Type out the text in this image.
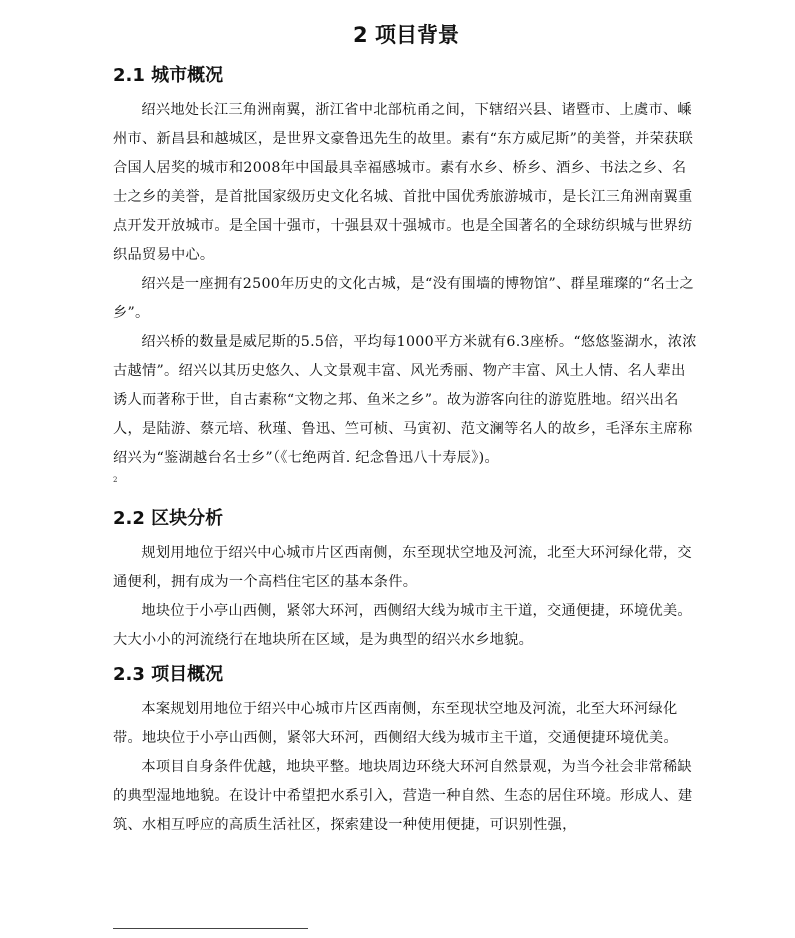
2 项目背景
2.1 城市概况

绍兴地处长江三角洲南翼，浙江省中北部杭甬之间，下辖绍兴县、诸暨市、上虞市、嵊州市、新昌县和越城区，是世界文豪鲁迅先生的故里。素有“东方威尼斯”的美誉，并荣获联合国人居奖的城市和2008年中国最具幸福感城市。素有水乡、桥乡、酒乡、书法之乡、名士之乡的美誉，是首批国家级历史文化名城、首批中国优秀旅游城市，是长江三角洲南翼重点开发开放城市。是全国十强市，十强县双十强城市。也是全国著名的全球纺织城与世界纺织品贸易中心。

绍兴是一座拥有2500年历史的文化古城，是“没有围墙的博物馆”、群星璀璨的“名士之乡”。

绍兴桥的数量是威尼斯的5.5倍，平均每1000平方米就有6.3座桥。“悠悠鉴湖水，浓浓古越情”。绍兴以其历史悠久、人文景观丰富、风光秀丽、物产丰富、风土人情、名人辈出诱人而著称于世，自古素称“文物之邦、鱼米之乡”。故为游客向往的游览胜地。绍兴出名人，是陆游、蔡元培、秋瑾、鲁迅、竺可桢、马寅初、范文澜等名人的故乡，毛泽东主席称绍兴为“鉴湖越台名士乡”（《七绝两首. 纪念鲁迅八十寿辰》)。

2
2.2 区块分析

规划用地位于绍兴中心城市片区西南侧，东至现状空地及河流，北至大环河绿化带，交通便利，拥有成为一个高档住宅区的基本条件。

地块位于小亭山西侧，紧邻大环河，西侧绍大线为城市主干道，交通便捷，环境优美。大大小小的河流绕行在地块所在区域，是为典型的绍兴水乡地貌。

2.3 项目概况

本案规划用地位于绍兴中心城市片区西南侧，东至现状空地及河流，北至大环河绿化带。地块位于小亭山西侧，紧邻大环河，西侧绍大线为城市主干道，交通便捷环境优美。

本项目自身条件优越，地块平整。地块周边环绕大环河自然景观，为当今社会非常稀缺的典型湿地地貌。在设计中希望把水系引入，营造一种自然、生态的居住环境。形成人、建筑、水相互呼应的高质生活社区，探索建设一种使用便捷，可识别性强，
